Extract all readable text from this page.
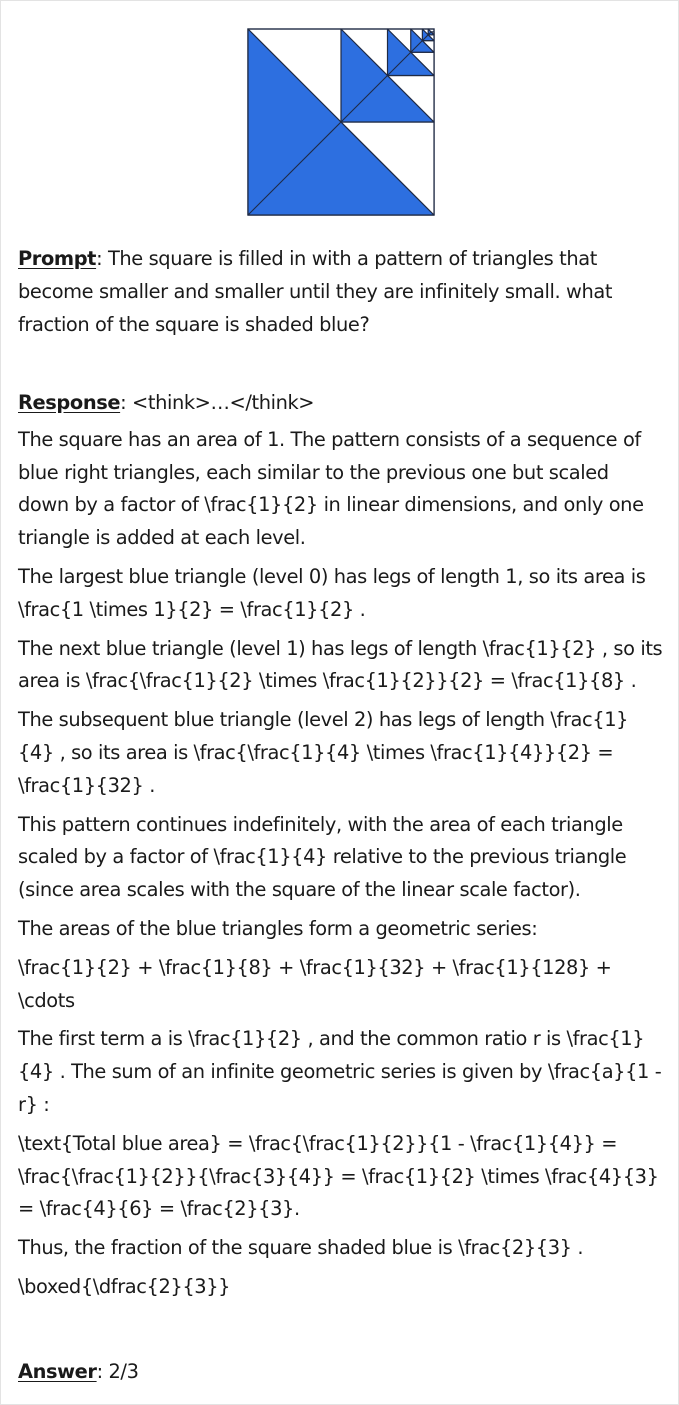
Prompt: The square is filled in with a pattern of triangles that become smaller and smaller until they are infinitely small. what fraction of the square is shaded blue?
Response: <think>…</think>
The square has an area of 1. The pattern consists of a sequence of blue right triangles, each similar to the previous one but scaled down by a factor of \frac{1}{2} in linear dimensions, and only one triangle is added at each level.
The largest blue triangle (level 0) has legs of length 1, so its area is \frac{1 \times 1}{2} = \frac{1}{2} .
The next blue triangle (level 1) has legs of length \frac{1}{2} , so its area is \frac{\frac{1}{2} \times \frac{1}{2}}{2} = \frac{1}{8} .
The subsequent blue triangle (level 2) has legs of length \frac{1}{4} , so its area is \frac{\frac{1}{4} \times \frac{1}{4}}{2} = \frac{1}{32} .
This pattern continues indefinitely, with the area of each triangle scaled by a factor of \frac{1}{4} relative to the previous triangle (since area scales with the square of the linear scale factor).
The areas of the blue triangles form a geometric series:
\frac{1}{2} + \frac{1}{8} + \frac{1}{32} + \frac{1}{128} + \cdots
The first term a is \frac{1}{2} , and the common ratio r is \frac{1}{4} . The sum of an infinite geometric series is given by \frac{a}{1 - r} :
\text{Total blue area} = \frac{\frac{1}{2}}{1 - \frac{1}{4}} = \frac{\frac{1}{2}}{\frac{3}{4}} = \frac{1}{2} \times \frac{4}{3} = \frac{4}{6} = \frac{2}{3}.
Thus, the fraction of the square shaded blue is \frac{2}{3} .
\boxed{\dfrac{2}{3}}
Answer: 2/3
